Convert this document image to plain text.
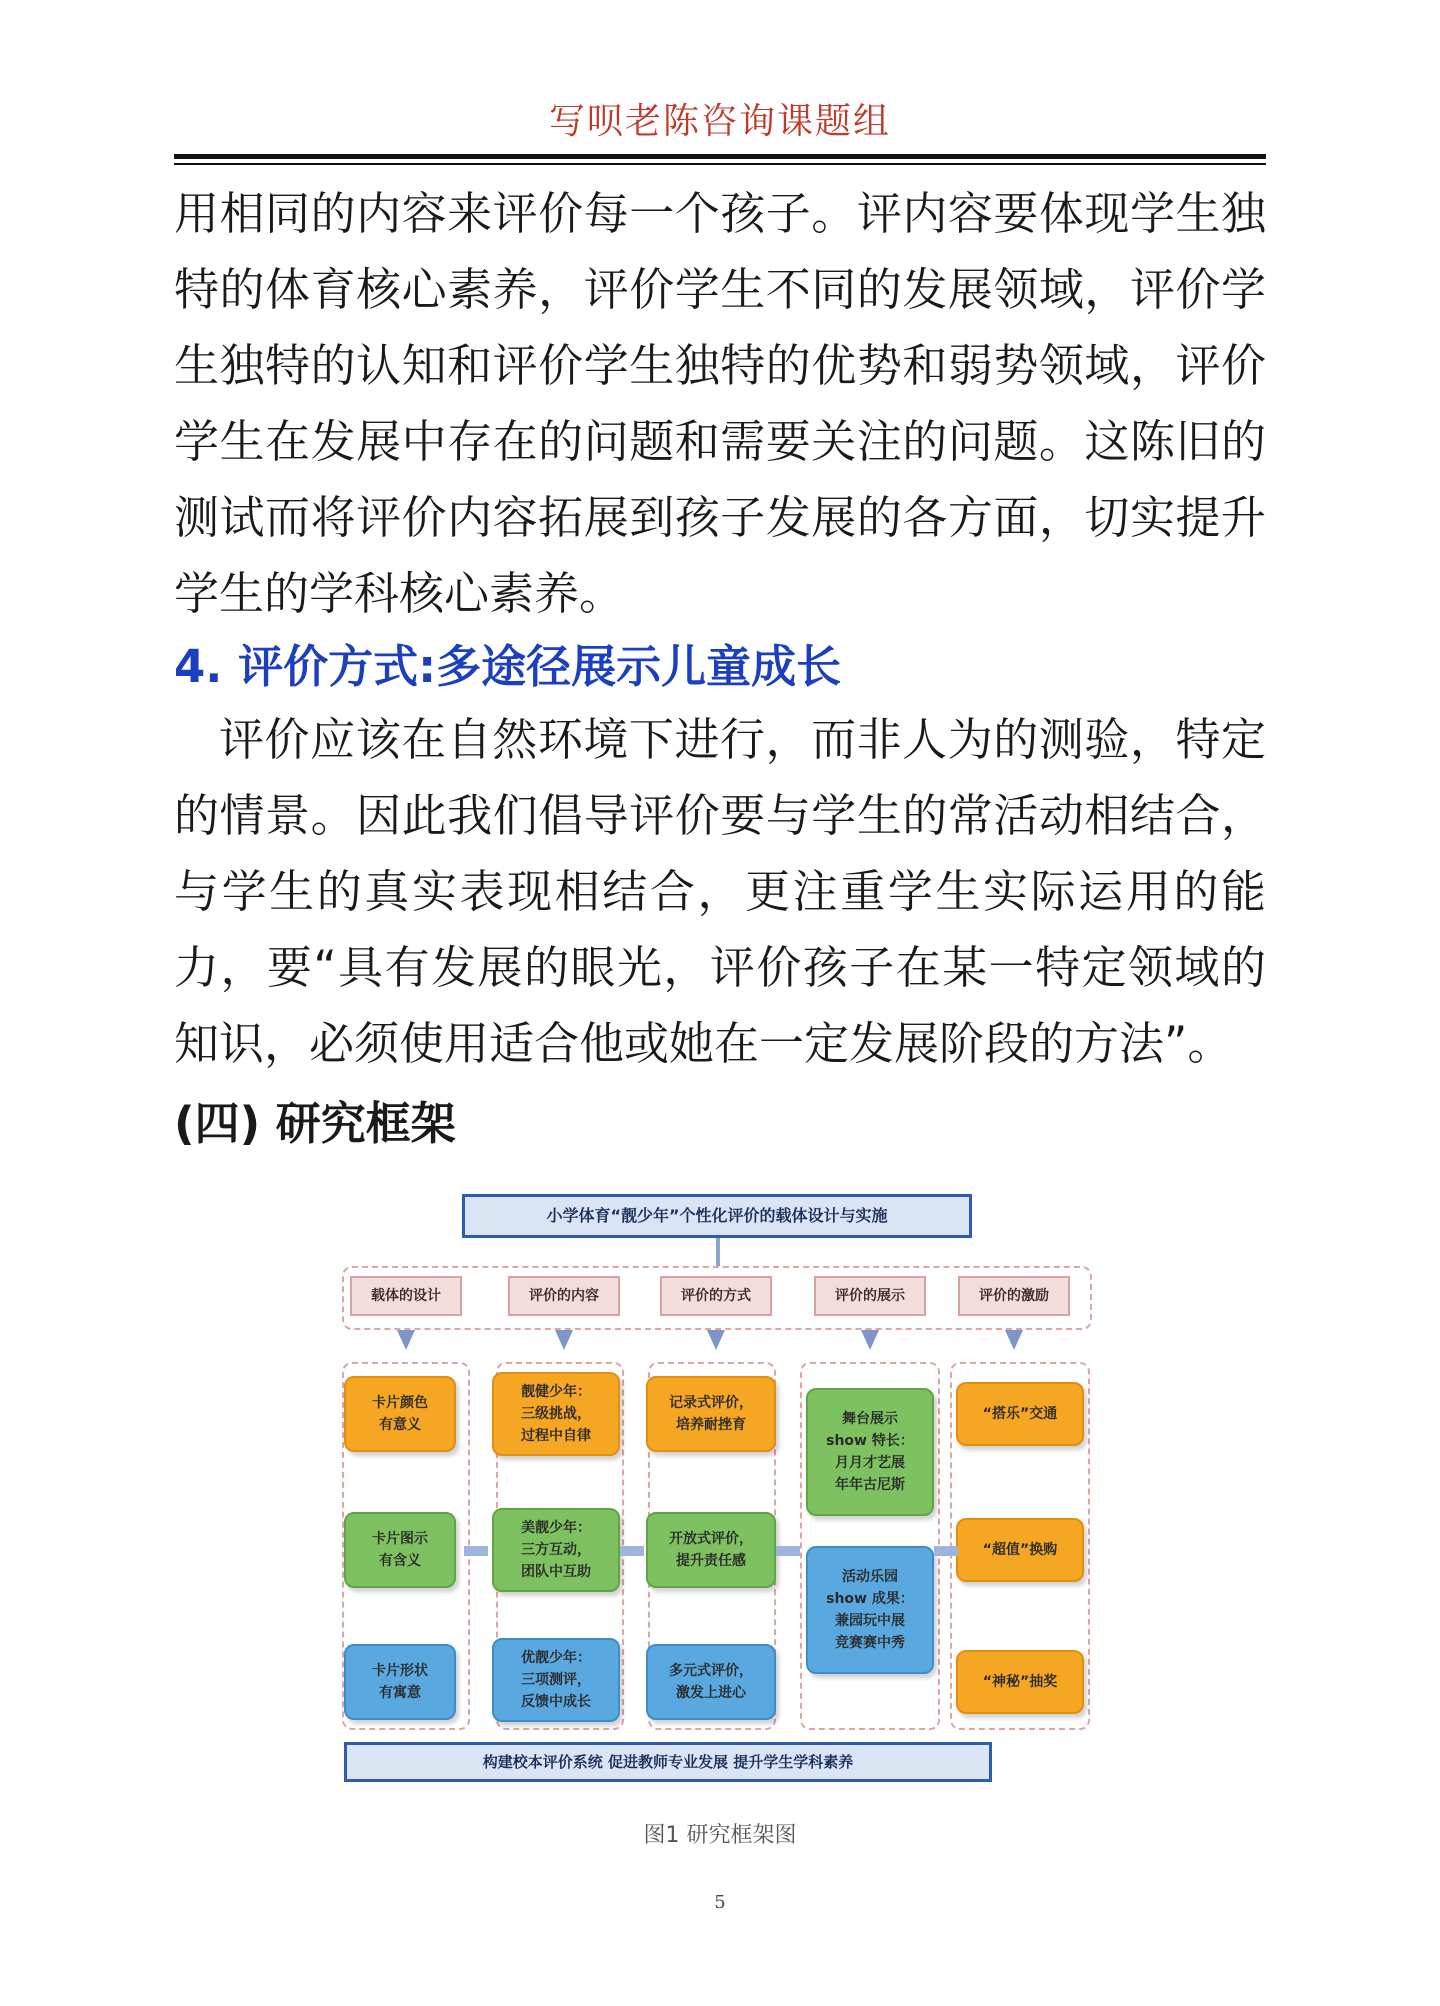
写呗老陈咨询课题组

用相同的内容来评价每一个孩子。评内容要体现学生独特的体育核心素养，评价学生不同的发展领域，评价学生独特的认知和评价学生独特的优势和弱势领域，评价学生在发展中存在的问题和需要关注的问题。这陈旧的测试而将评价内容拓展到孩子发展的各方面，切实提升学生的学科核心素养。

4. 评价方式:多途径展示儿童成长

评价应该在自然环境下进行，而非人为的测验，特定的情景。因此我们倡导评价要与学生的常活动相结合，与学生的真实表现相结合，更注重学生实际运用的能力，要“具有发展的眼光，评价孩子在某一特定领域的知识，必须使用适合他或她在一定发展阶段的方法”。

(四) 研究框架
小学体育“靓少年”个性化评价的载体设计与实施
载体的设计	评价的内容	评价的方式	评价的展示	评价的激励
卡片颜色
有意义
卡片图示
有含义
卡片形状
有寓意
靓健少年：
三级挑战，
过程中自律
美靓少年：
三方互动，
团队中互助
优靓少年：
三项测评，
反馈中成长
记录式评价，
培养耐挫育
开放式评价，
提升责任感
多元式评价，
激发上进心
舞台展示
show 特长：
月月才艺展
年年古尼斯
活动乐园
show 成果：
兼园玩中展
竞赛赛中秀
“搭乐”交通
“超值”换购
“神秘”抽奖
构建校本评价系统 促进教师专业发展 提升学生学科素养
图1 研究框架图
5
